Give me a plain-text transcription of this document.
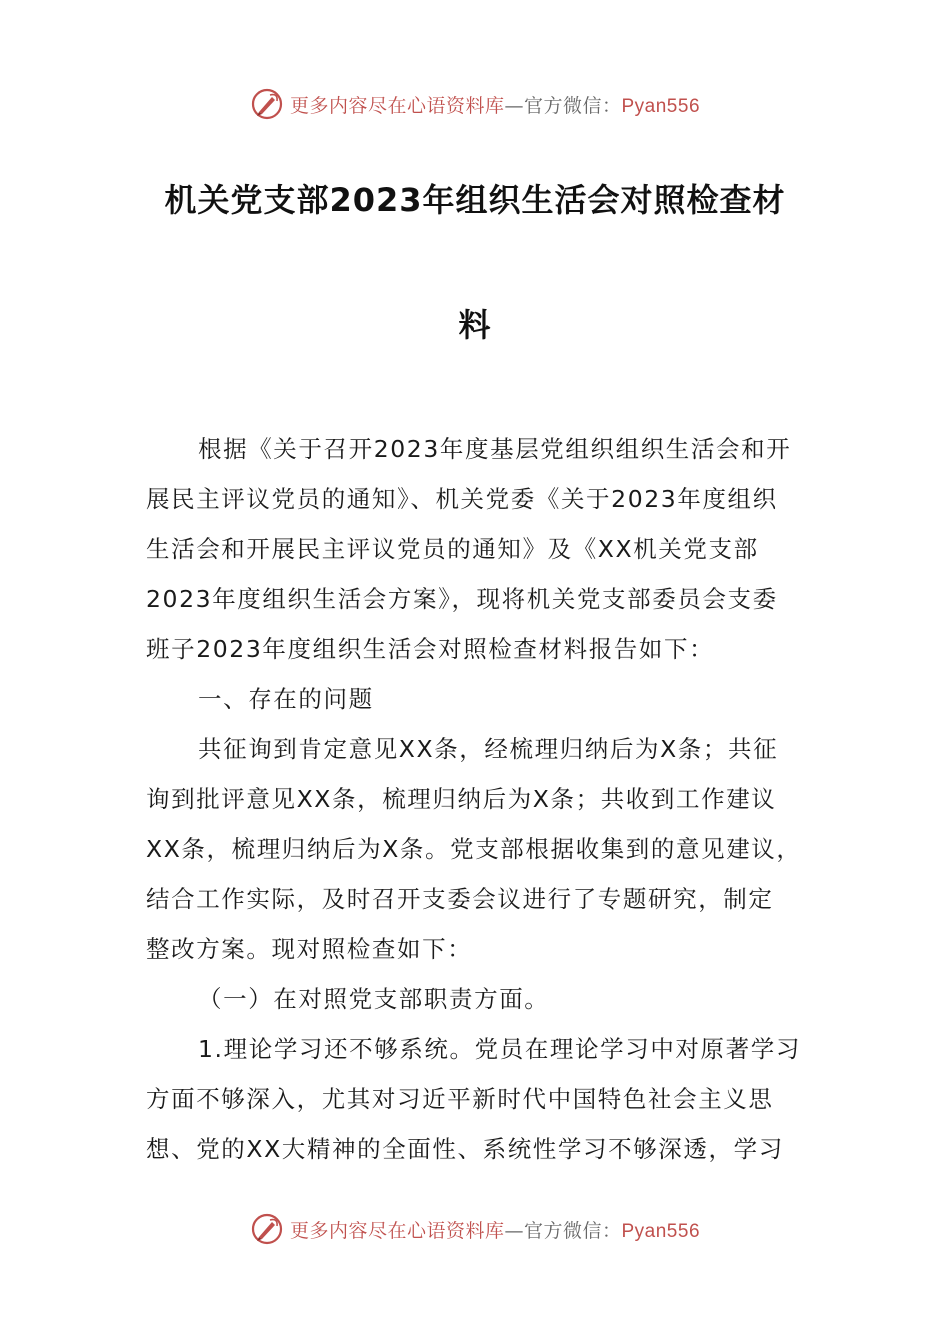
更多内容尽在心语资料库—官方微信：Pyan556
机关党支部2023年组织生活会对照检查材
料
根据《关于召开2023年度基层党组织组织生活会和开
展民主评议党员的通知》、机关党委《关于2023年度组织
生活会和开展民主评议党员的通知》及《XX机关党支部
2023年度组织生活会方案》，现将机关党支部委员会支委
班子2023年度组织生活会对照检查材料报告如下：
一、存在的问题
共征询到肯定意见XX条，经梳理归纳后为X条；共征
询到批评意见XX条，梳理归纳后为X条；共收到工作建议
XX条，梳理归纳后为X条。党支部根据收集到的意见建议，
结合工作实际，及时召开支委会议进行了专题研究，制定
整改方案。现对照检查如下：
（一）在对照党支部职责方面。
1.理论学习还不够系统。党员在理论学习中对原著学习
方面不够深入，尤其对习近平新时代中国特色社会主义思
想、党的XX大精神的全面性、系统性学习不够深透，学习
更多内容尽在心语资料库—官方微信：Pyan556
